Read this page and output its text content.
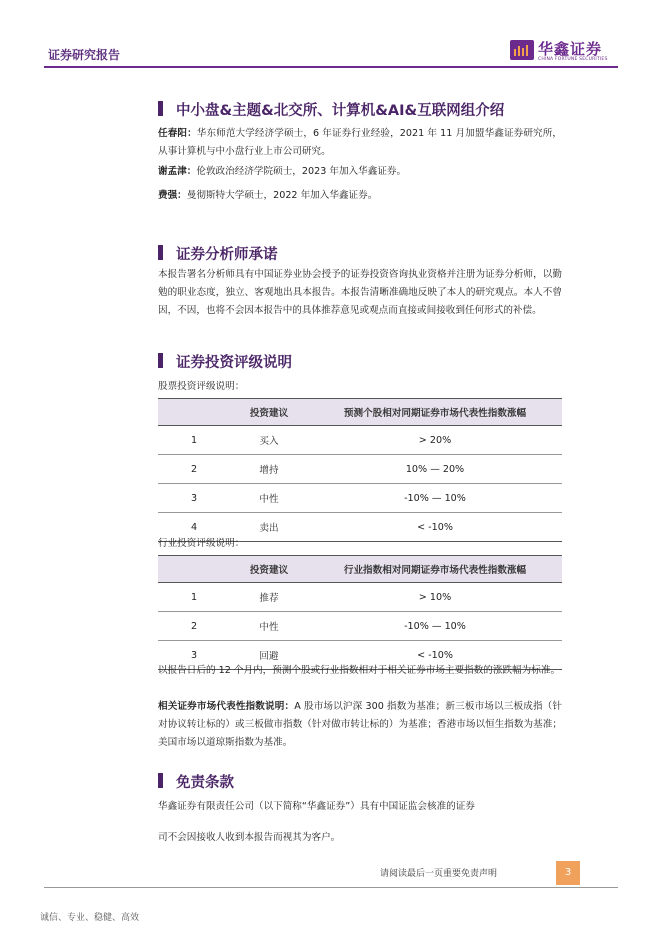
证券研究报告	华鑫证券
CHINA FORTUNE SECURITIES
中小盘&主题&北交所、计算机&AI&互联网组介绍
任春阳：华东师范大学经济学硕士，6 年证券行业经验，2021 年 11 月加盟华鑫证券研究所，从事计算机与中小盘行业上市公司研究。
谢孟津：伦敦政治经济学院硕士，2023 年加入华鑫证券。
费强：曼彻斯特大学硕士，2022 年加入华鑫证券。
证券分析师承诺
本报告署名分析师具有中国证券业协会授予的证券投资咨询执业资格并注册为证券分析师，以勤勉的职业态度，独立、客观地出具本报告。本报告清晰准确地反映了本人的研究观点。本人不曾因，不因，也将不会因本报告中的具体推荐意见或观点而直接或间接收到任何形式的补偿。
证券投资评级说明
股票投资评级说明：
	投资建议	预测个股相对同期证券市场代表性指数涨幅
1	买入	> 20%
2	增持	10% — 20%
3	中性	-10% — 10%
4	卖出	< -10%
行业投资评级说明：
	投资建议	行业指数相对同期证券市场代表性指数涨幅
1	推荐	> 10%
2	中性	-10% — 10%
3	回避	< -10%
以报告日后的 12 个月内，预测个股或行业指数相对于相关证券市场主要指数的涨跌幅为标准。
相关证券市场代表性指数说明：A 股市场以沪深 300 指数为基准；新三板市场以三板成指（针对协议转让标的）或三板做市指数（针对做市转让标的）为基准；香港市场以恒生指数为基准；美国市场以道琼斯指数为基准。
免责条款
华鑫证券有限责任公司（以下简称“华鑫证券”）具有中国证监会核准的证券
司不会因接收人收到本报告而视其为客户。
请阅读最后一页重要免责声明	3
诚信、专业、稳健、高效
